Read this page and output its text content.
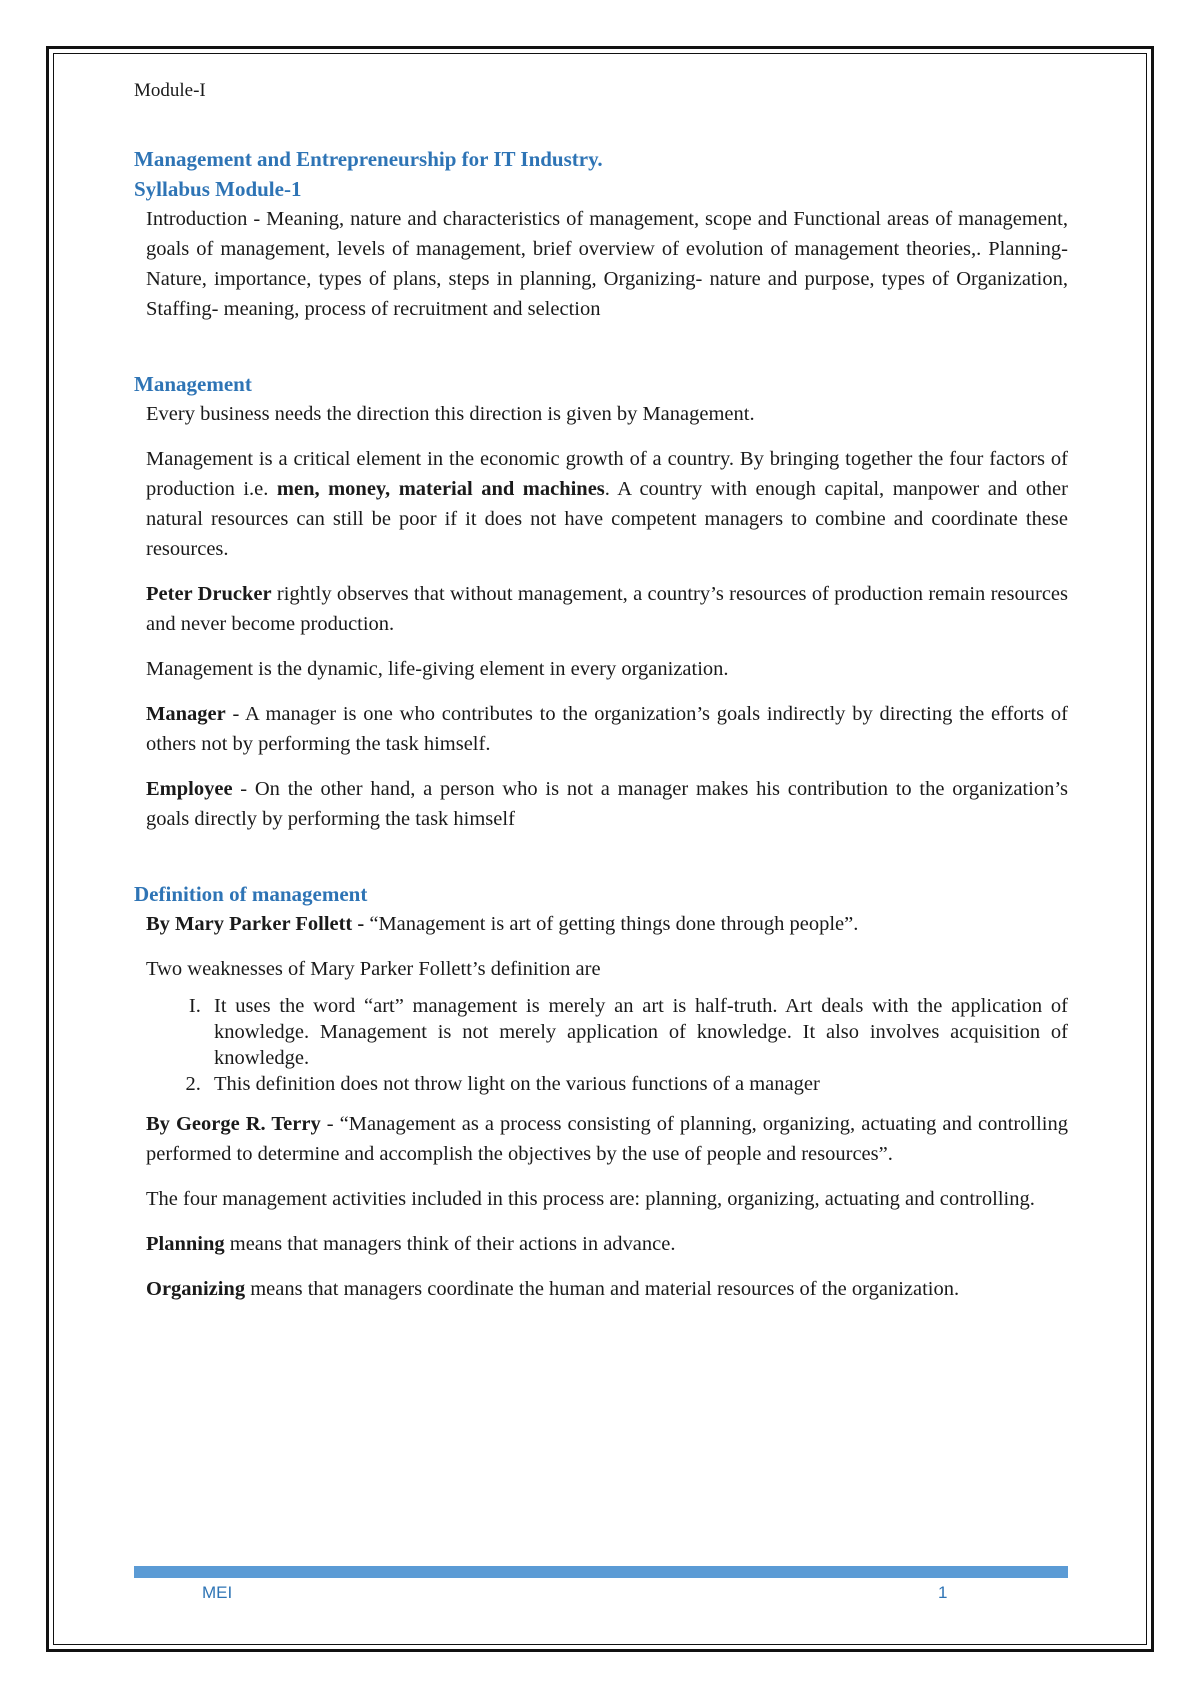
Module-I

Management and Entrepreneurship for IT Industry.

Syllabus Module-1

Introduction - Meaning, nature and characteristics of management, scope and Functional areas of management, goals of management, levels of management, brief overview of evolution of management theories,. Planning- Nature, importance, types of plans, steps in planning, Organizing- nature and purpose, types of Organization, Staffing- meaning, process of recruitment and selection

Management

Every business needs the direction this direction is given by Management.

Management is a critical element in the economic growth of a country. By bringing together the four factors of production i.e. men, money, material and machines. A country with enough capital, manpower and other natural resources can still be poor if it does not have competent managers to combine and coordinate these resources.

Peter Drucker rightly observes that without management, a country’s resources of production remain resources and never become production.

Management is the dynamic, life-giving element in every organization.

Manager - A manager is one who contributes to the organization’s goals indirectly by directing the efforts of others not by performing the task himself.

Employee - On the other hand, a person who is not a manager makes his contribution to the organization’s goals directly by performing the task himself

Definition of management

By Mary Parker Follett - “Management is art of getting things done through people”.

Two weaknesses of Mary Parker Follett’s definition are

I. It uses the word “art” management is merely an art is half-truth. Art deals with the application of knowledge. Management is not merely application of knowledge. It also involves acquisition of knowledge.
2. This definition does not throw light on the various functions of a manager

By George R. Terry - “Management as a process consisting of planning, organizing, actuating and controlling performed to determine and accomplish the objectives by the use of people and resources”.

The four management activities included in this process are: planning, organizing, actuating and controlling.

Planning means that managers think of their actions in advance.

Organizing means that managers coordinate the human and material resources of the organization.

MEI	1
